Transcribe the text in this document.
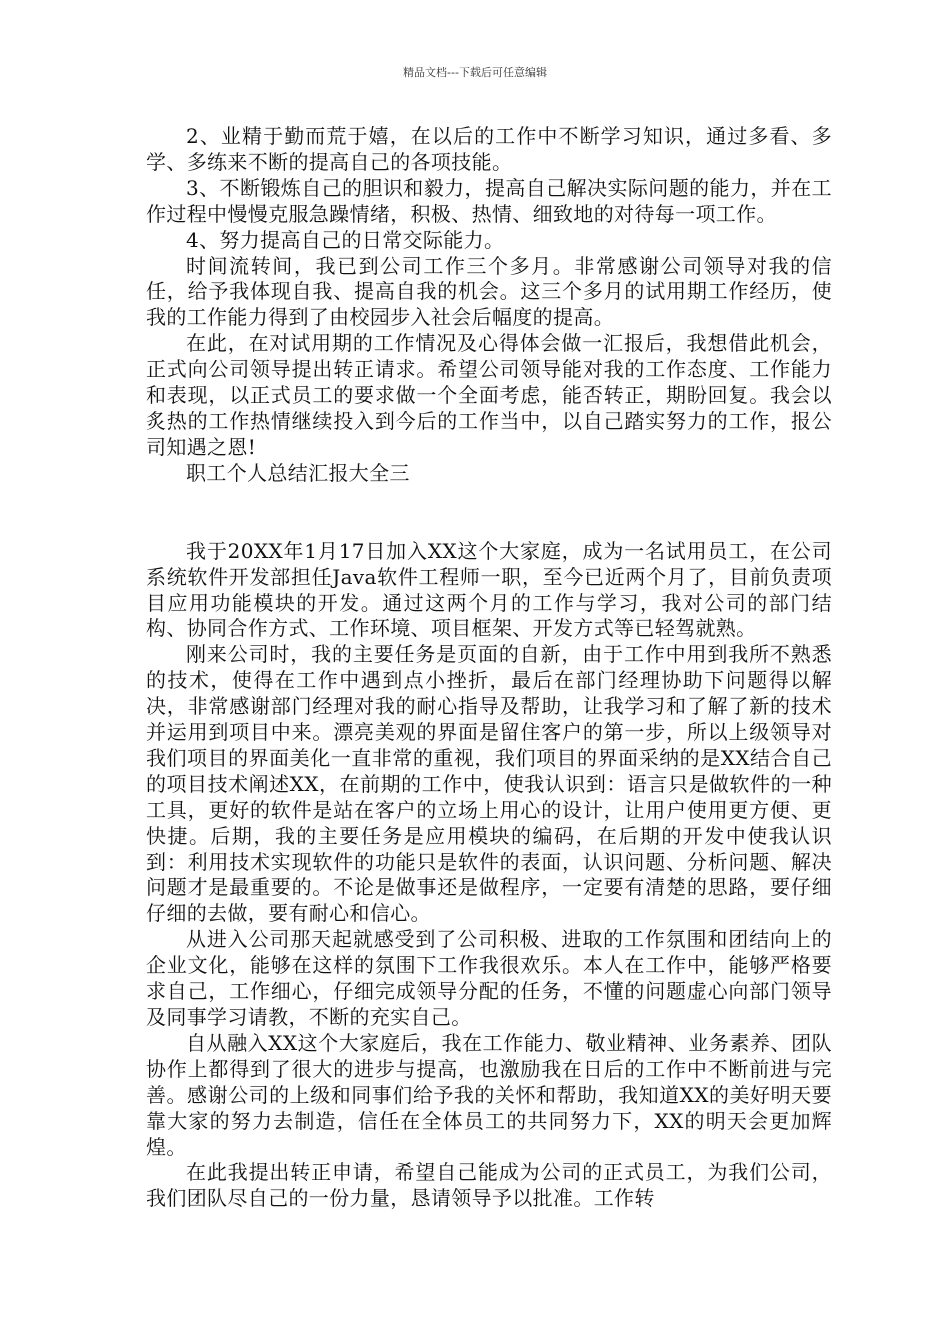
精品文档---下载后可任意编辑

2、业精于勤而荒于嬉，在以后的工作中不断学习知识，通过多看、多学、多练来不断的提高自己的各项技能。

3、不断锻炼自己的胆识和毅力，提高自己解决实际问题的能力，并在工作过程中慢慢克服急躁情绪，积极、热情、细致地的对待每一项工作。

4、努力提高自己的日常交际能力。

时间流转间，我已到公司工作三个多月。非常感谢公司领导对我的信任，给予我体现自我、提高自我的机会。这三个多月的试用期工作经历，使我的工作能力得到了由校园步入社会后幅度的提高。

在此，在对试用期的工作情况及心得体会做一汇报后，我想借此机会，正式向公司领导提出转正请求。希望公司领导能对我的工作态度、工作能力和表现，以正式员工的要求做一个全面考虑，能否转正，期盼回复。我会以炙热的工作热情继续投入到今后的工作当中，以自己踏实努力的工作，报公司知遇之恩!

职工个人总结汇报大全三

我于20XX年1月17日加入XX这个大家庭，成为一名试用员工，在公司系统软件开发部担任Java软件工程师一职，至今已近两个月了，目前负责项目应用功能模块的开发。通过这两个月的工作与学习，我对公司的部门结构、协同合作方式、工作环境、项目框架、开发方式等已轻驾就熟。

刚来公司时，我的主要任务是页面的自新，由于工作中用到我所不熟悉的技术，使得在工作中遇到点小挫折，最后在部门经理协助下问题得以解决，非常感谢部门经理对我的耐心指导及帮助，让我学习和了解了新的技术并运用到项目中来。漂亮美观的界面是留住客户的第一步，所以上级领导对我们项目的界面美化一直非常的重视，我们项目的界面采纳的是XX结合自己的项目技术阐述XX，在前期的工作中，使我认识到：语言只是做软件的一种工具，更好的软件是站在客户的立场上用心的设计，让用户使用更方便、更快捷。后期，我的主要任务是应用模块的编码，在后期的开发中使我认识到：利用技术实现软件的功能只是软件的表面，认识问题、分析问题、解决问题才是最重要的。不论是做事还是做程序，一定要有清楚的思路，要仔细仔细的去做，要有耐心和信心。

从进入公司那天起就感受到了公司积极、进取的工作氛围和团结向上的企业文化，能够在这样的氛围下工作我很欢乐。本人在工作中，能够严格要求自己，工作细心，仔细完成领导分配的任务，不懂的问题虚心向部门领导及同事学习请教，不断的充实自己。

自从融入XX这个大家庭后，我在工作能力、敬业精神、业务素养、团队协作上都得到了很大的进步与提高，也激励我在日后的工作中不断前进与完善。感谢公司的上级和同事们给予我的关怀和帮助，我知道XX的美好明天要靠大家的努力去制造，信任在全体员工的共同努力下，XX的明天会更加辉煌。

在此我提出转正申请，希望自己能成为公司的正式员工，为我们公司，我们团队尽自己的一份力量，恳请领导予以批准。工作转
